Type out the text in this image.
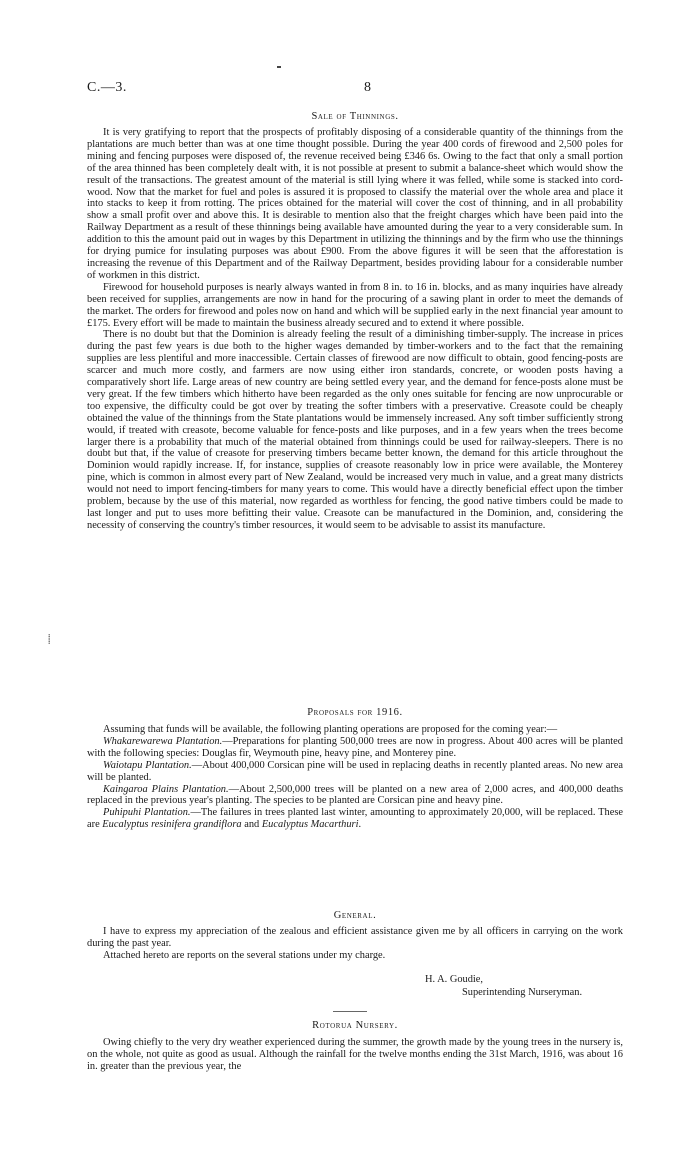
C.—3.	8
Sale of Thinnings.

It is very gratifying to report that the prospects of profitably disposing of a considerable quantity of the thinnings from the plantations are much better than was at one time thought possible. During the year 400 cords of firewood and 2,500 poles for mining and fencing purposes were disposed of, the revenue received being £346 6s. Owing to the fact that only a small portion of the area thinned has been completely dealt with, it is not possible at present to submit a balance-sheet which would show the result of the transactions. The greatest amount of the material is still lying where it was felled, while some is stacked into cord-wood. Now that the market for fuel and poles is assured it is proposed to classify the material over the whole area and place it into stacks to keep it from rotting. The prices obtained for the material will cover the cost of thinning, and in all probability show a small profit over and above this. It is desirable to mention also that the freight charges which have been paid into the Railway Department as a result of these thinnings being available have amounted during the year to a very considerable sum. In addition to this the amount paid out in wages by this Department in utilizing the thinnings and by the firm who use the thinnings for drying pumice for insulating purposes was about £900. From the above figures it will be seen that the afforestation is increasing the revenue of this Department and of the Railway Department, besides providing labour for a considerable number of workmen in this district.

Firewood for household purposes is nearly always wanted in from 8 in. to 16 in. blocks, and as many inquiries have already been received for supplies, arrangements are now in hand for the procuring of a sawing plant in order to meet the demands of the market. The orders for firewood and poles now on hand and which will be supplied early in the next financial year amount to £175. Every effort will be made to maintain the business already secured and to extend it where possible.

There is no doubt but that the Dominion is already feeling the result of a diminishing timber-supply. The increase in prices during the past few years is due both to the higher wages demanded by timber-workers and to the fact that the remaining supplies are less plentiful and more inaccessible. Certain classes of firewood are now difficult to obtain, good fencing-posts are scarcer and much more costly, and farmers are now using either iron standards, concrete, or wooden posts having a comparatively short life. Large areas of new country are being settled every year, and the demand for fence-posts alone must be very great. If the few timbers which hitherto have been regarded as the only ones suitable for fencing are now unprocurable or too expensive, the difficulty could be got over by treating the softer timbers with a preservative. Creasote could be cheaply obtained the value of the thinnings from the State plantations would be immensely increased. Any soft timber sufficiently strong would, if treated with creasote, become valuable for fence-posts and like purposes, and in a few years when the trees become larger there is a probability that much of the material obtained from thinnings could be used for railway-sleepers. There is no doubt but that, if the value of creasote for preserving timbers became better known, the demand for this article throughout the Dominion would rapidly increase. If, for instance, supplies of creasote reasonably low in price were available, the Monterey pine, which is common in almost every part of New Zealand, would be increased very much in value, and a great many districts would not need to import fencing-timbers for many years to come. This would have a directly beneficial effect upon the timber problem, because by the use of this material, now regarded as worthless for fencing, the good native timbers could be made to last longer and put to uses more befitting their value. Creasote can be manufactured in the Dominion, and, considering the necessity of conserving the country's timber resources, it would seem to be advisable to assist its manufacture.

⸽
Proposals for 1916.

Assuming that funds will be available, the following planting operations are proposed for the coming year:—

Whakarewarewa Plantation.—Preparations for planting 500,000 trees are now in progress. About 400 acres will be planted with the following species: Douglas fir, Weymouth pine, heavy pine, and Monterey pine.

Waiotapu Plantation.—About 400,000 Corsican pine will be used in replacing deaths in recently planted areas. No new area will be planted.

Kaingaroa Plains Plantation.—About 2,500,000 trees will be planted on a new area of 2,000 acres, and 400,000 deaths replaced in the previous year's planting. The species to be planted are Corsican pine and heavy pine.

Puhipuhi Plantation.—The failures in trees planted last winter, amounting to approximately 20,000, will be replaced. These are Eucalyptus resinifera grandiflora and Eucalyptus Macarthuri.

General.

I have to express my appreciation of the zealous and efficient assistance given me by all officers in carrying on the work during the past year.

Attached hereto are reports on the several stations under my charge.

H. A. Goudie,
Superintending Nurseryman.
Rotorua Nursery.

Owing chiefly to the very dry weather experienced during the summer, the growth made by the young trees in the nursery is, on the whole, not quite as good as usual. Although the rainfall for the twelve months ending the 31st March, 1916, was about 16 in. greater than the previous year, the
